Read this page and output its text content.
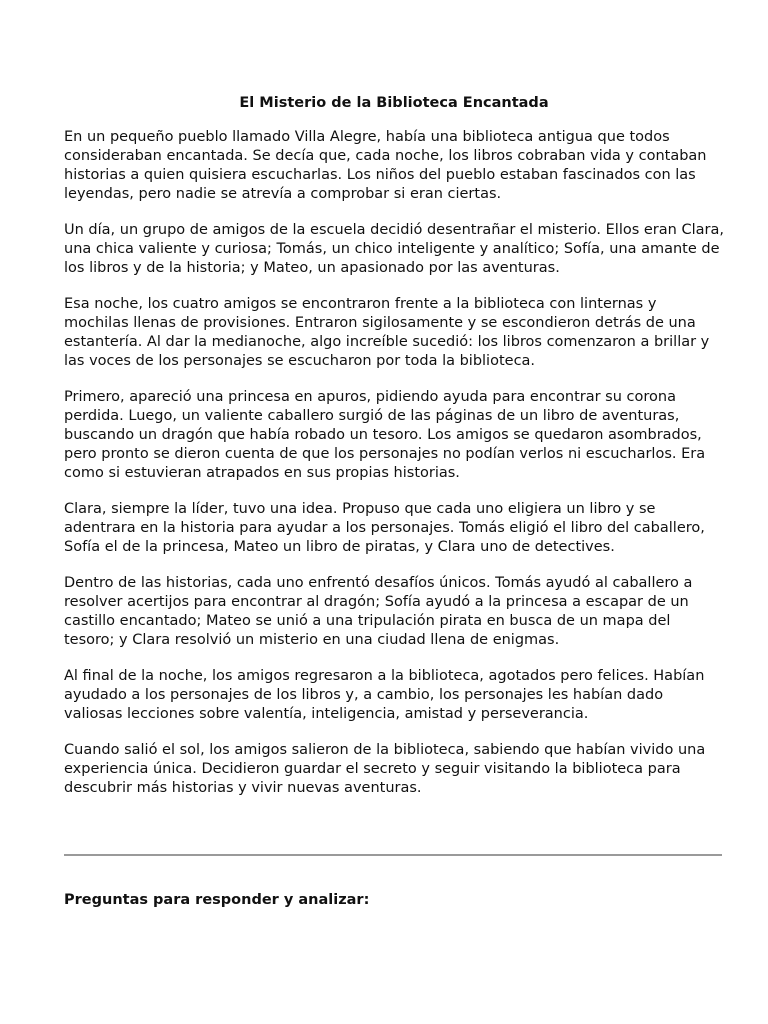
El Misterio de la Biblioteca Encantada

En un pequeño pueblo llamado Villa Alegre, había una biblioteca antigua que todos consideraban encantada. Se decía que, cada noche, los libros cobraban vida y contaban historias a quien quisiera escucharlas. Los niños del pueblo estaban fascinados con las leyendas, pero nadie se atrevía a comprobar si eran ciertas.

Un día, un grupo de amigos de la escuela decidió desentrañar el misterio. Ellos eran Clara, una chica valiente y curiosa; Tomás, un chico inteligente y analítico; Sofía, una amante de los libros y de la historia; y Mateo, un apasionado por las aventuras.

Esa noche, los cuatro amigos se encontraron frente a la biblioteca con linternas y mochilas llenas de provisiones. Entraron sigilosamente y se escondieron detrás de una estantería. Al dar la medianoche, algo increíble sucedió: los libros comenzaron a brillar y las voces de los personajes se escucharon por toda la biblioteca.

Primero, apareció una princesa en apuros, pidiendo ayuda para encontrar su corona perdida. Luego, un valiente caballero surgió de las páginas de un libro de aventuras, buscando un dragón que había robado un tesoro. Los amigos se quedaron asombrados, pero pronto se dieron cuenta de que los personajes no podían verlos ni escucharlos. Era como si estuvieran atrapados en sus propias historias.

Clara, siempre la líder, tuvo una idea. Propuso que cada uno eligiera un libro y se adentrara en la historia para ayudar a los personajes. Tomás eligió el libro del caballero, Sofía el de la princesa, Mateo un libro de piratas, y Clara uno de detectives.

Dentro de las historias, cada uno enfrentó desafíos únicos. Tomás ayudó al caballero a resolver acertijos para encontrar al dragón; Sofía ayudó a la princesa a escapar de un castillo encantado; Mateo se unió a una tripulación pirata en busca de un mapa del tesoro; y Clara resolvió un misterio en una ciudad llena de enigmas.

Al final de la noche, los amigos regresaron a la biblioteca, agotados pero felices. Habían ayudado a los personajes de los libros y, a cambio, los personajes les habían dado valiosas lecciones sobre valentía, inteligencia, amistad y perseverancia.

Cuando salió el sol, los amigos salieron de la biblioteca, sabiendo que habían vivido una experiencia única. Decidieron guardar el secreto y seguir visitando la biblioteca para descubrir más historias y vivir nuevas aventuras.

Preguntas para responder y analizar:
